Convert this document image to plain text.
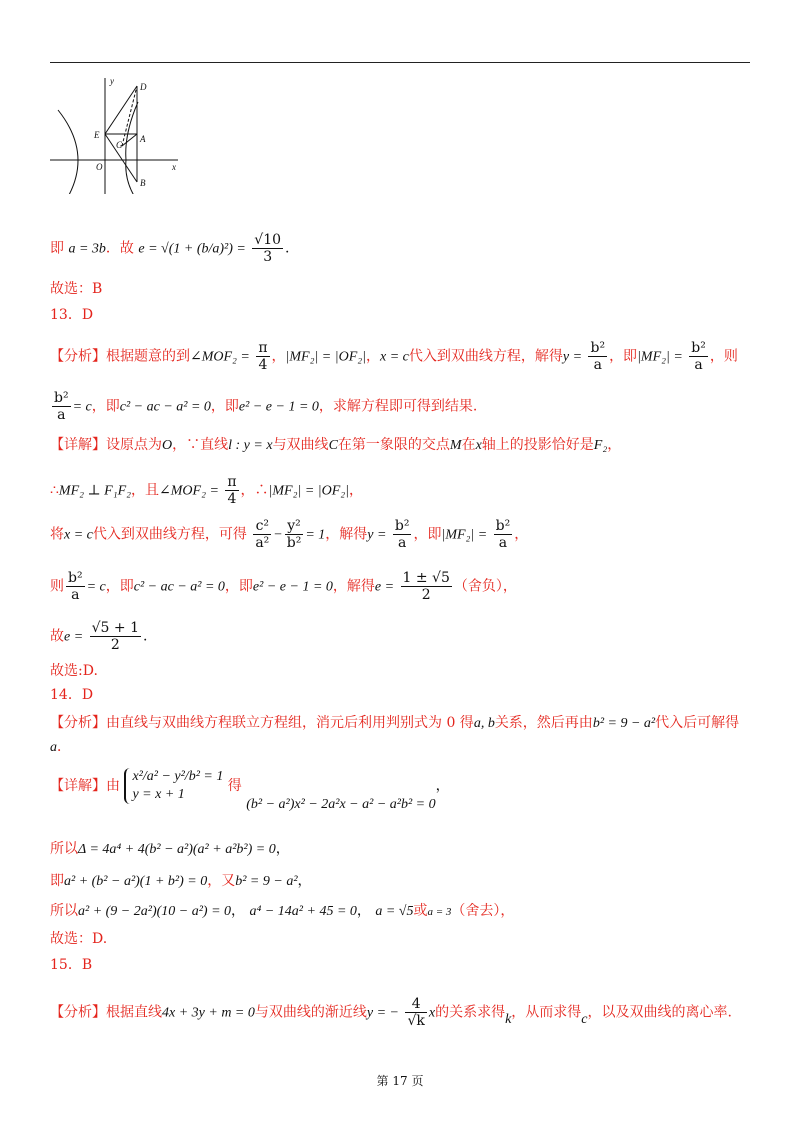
y
x
D
E	A
G
O
B
即 a = 3b．故 $e = √(1 + (b/a)^2) = \frac{√10}{3}$ .
故选：B
13．D
【分析】根据题意的到∠MOF₂ = $\frac{\pi}{4}$ ，|MF₂| = |OF₂|，x = c代入到双曲线方程，解得$y = \frac{\text{b²}}{a}$ ，即$|MF_2| = \frac{\text{b²}}{a}$ ，则
$\frac{\text{b²}}{a} = c$，即c² − ac − a² = 0，即e² − e − 1 = 0，求解方程即可得到结果.
【详解】设原点为O，∵直线l : y = x与双曲线C在第一象限的交点M在x轴上的投影恰好是F₂，
∴MF₂ ⊥ F₁F₂，且∠MOF₂ = $\frac{\pi}{4}$ ，∴|MF₂| = |OF₂|，
将x = c代入到双曲线方程，可得 $\frac{\text{c²}}{\text{a²}} - \frac{\text{y²}}{\text{b²}} = 1$，解得$y = \frac{\text{b²}}{a}$ ，即$|MF_2| = \frac{\text{b²}}{a}$ ，
则 $\frac{\text{b²}}{a} = c$，即c² − ac − a² = 0，即e² − e − 1 = 0，解得$e = \frac{1 \pm √5}{2}$ （舍负），
故$e = \frac{√5 + 1}{2}$ .
故选:D.
14．D
【分析】由直线与双曲线方程联立方程组，消元后利用判别式为 0 得a, b关系，然后再由b² = 9 − a²代入后可解得
a．
【详解】由 x²/a² − y²/b² = 1
y = x + 1 得 (b² − a²)x² − 2a²x − a² − a²b² = 0，
所以Δ = 4a⁴ + 4(b² − a²)(a² + a²b²) = 0，
即a² + (b² − a²)(1 + b²) = 0，又b² = 9 − a²，
所以a² + (9 − 2a²)(10 − a²) = 0， a⁴ − 14a² + 45 = 0， a = √5或a = 3（舍去），
故选：D.
15．B
【分析】根据直线4x + 3y + m = 0与双曲线的渐近线y = − $\frac{4}{√k}$ x的关系求得k，从而求得c，以及双曲线的离心率.
第 17 页
